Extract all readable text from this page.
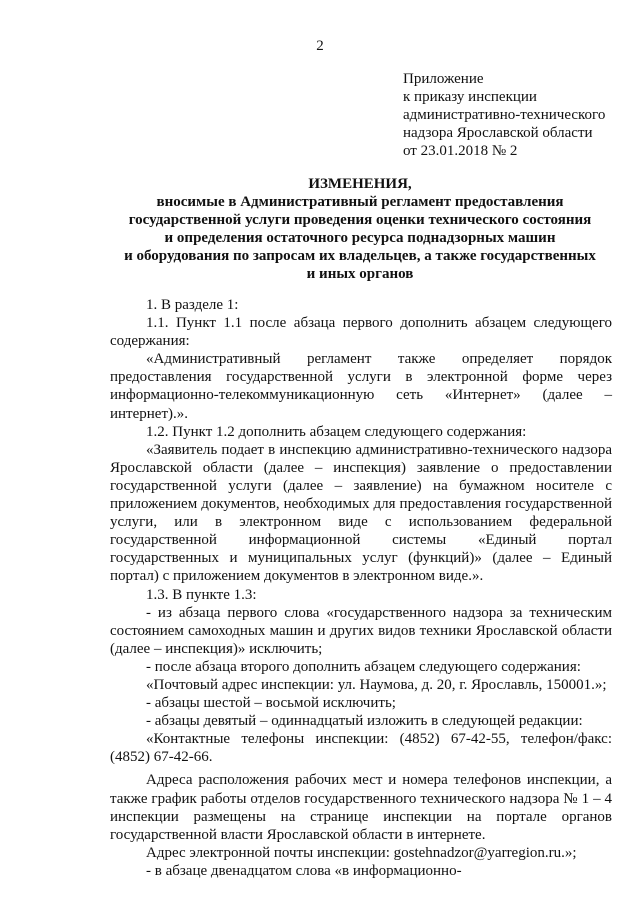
2
Приложение
к приказу инспекции
административно-технического
надзора Ярославской области
от 23.01.2018 № 2
ИЗМЕНЕНИЯ,
вносимые в Административный регламент предоставления
государственной услуги проведения оценки технического состояния
и определения остаточного ресурса поднадзорных машин
и оборудования по запросам их владельцев, а также государственных
и иных органов

1. В разделе 1:

1.1. Пункт 1.1 после абзаца первого дополнить абзацем следующего содержания:

«Административный регламент также определяет порядок предоставления государственной услуги в электронной форме через информационно-телекоммуникационную сеть «Интернет» (далее – интернет).».

1.2. Пункт 1.2 дополнить абзацем следующего содержания:

«Заявитель подает в инспекцию административно-технического надзора Ярославской области (далее – инспекция) заявление о предоставлении государственной услуги (далее – заявление) на бумажном носителе с приложением документов, необходимых для предоставления государственной услуги, или в электронном виде с использованием федеральной государственной информационной системы «Единый портал государственных и муниципальных услуг (функций)» (далее – Единый портал) с приложением документов в электронном виде.».

1.3. В пункте 1.3:

- из абзаца первого слова «государственного надзора за техническим состоянием самоходных машин и других видов техники Ярославской области (далее – инспекция)» исключить;

- после абзаца второго дополнить абзацем следующего содержания:

«Почтовый адрес инспекции: ул. Наумова, д. 20, г. Ярославль, 150001.»;

- абзацы шестой – восьмой исключить;

- абзацы девятый – одиннадцатый изложить в следующей редакции:

«Контактные телефоны инспекции: (4852) 67-42-55, телефон/факс: (4852) 67-42-66.

Адреса расположения рабочих мест и номера телефонов инспекции, а также график работы отделов государственного технического надзора № 1 – 4 инспекции размещены на странице инспекции на портале органов государственной власти Ярославской области в интернете.

Адрес электронной почты инспекции: gostehnadzor@yarregion.ru.»;

- в абзаце двенадцатом слова «в информационно-
